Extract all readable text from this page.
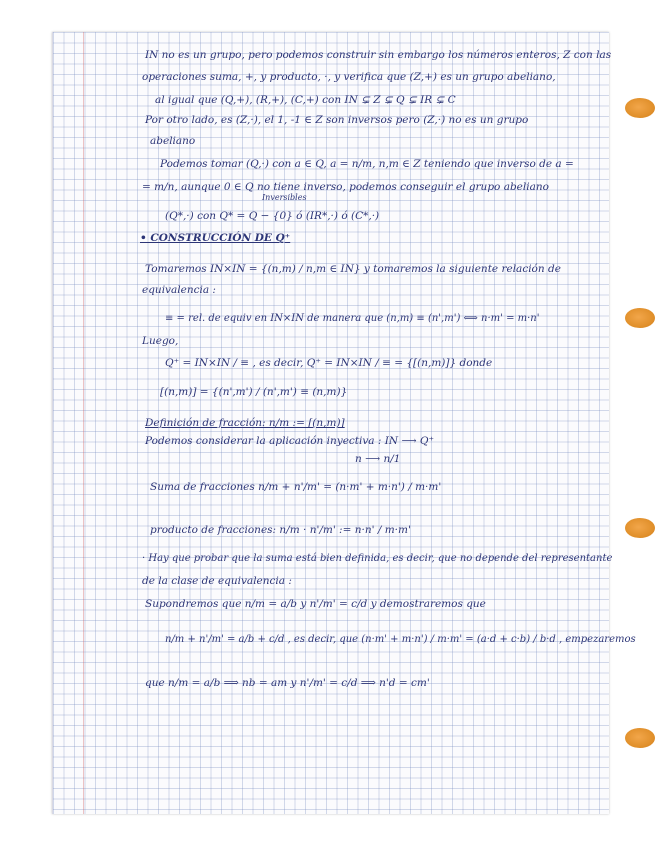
IN no es un grupo, pero podemos construir sin embargo los números enteros, Z con las
operaciones suma, +, y producto, ·, y verifica que (Z,+) es un grupo abeliano,
al igual que (Q,+), (R,+), (C,+) con IN ⊊ Z ⊊ Q ⊊ IR ⊊ C
Por otro lado, es (Z,·), el 1, -1 ∈ Z son inversos pero (Z,·) no es un grupo
abeliano
Podemos tomar (Q,·) con a ∈ Q, a = n/m, n,m ∈ Z teniendo que inverso de a =
= m/n, aunque 0 ∈ Q no tiene inverso, podemos conseguir el grupo abeliano
Inversibles
(Q*,·) con Q* = Q − {0} ó (IR*,·) ó (C*,·)
• CONSTRUCCIÓN DE Q⁺
Tomaremos IN×IN = {(n,m) / n,m ∈ IN} y tomaremos la siguiente relación de
equivalencia :
≡ = rel. de equiv en IN×IN de manera que (n,m) ≡ (n',m') ⟺ n·m' = m·n'
Luego,
Q⁺ = IN×IN / ≡ , es decir, Q⁺ = IN×IN / ≡ = {[(n,m)]} donde
[(n,m)] = {(n',m') / (n',m') ≡ (n,m)}
Definición de fracción: n/m := [(n,m)]
Podemos considerar la aplicación inyectiva : IN ⟶ Q⁺
n ⟶ n/1
Suma de fracciones n/m + n'/m' = (n·m' + m·n') / m·m'
producto de fracciones: n/m · n'/m' := n·n' / m·m'
· Hay que probar que la suma está bien definida, es decir, que no depende del representante
de la clase de equivalencia :
Supondremos que n/m = a/b y n'/m' = c/d y demostraremos que
n/m + n'/m' = a/b + c/d , es decir, que (n·m' + m·n') / m·m' = (a·d + c·b) / b·d , empezaremos
que n/m = a/b ⟹ nb = am y n'/m' = c/d ⟹ n'd = cm'
